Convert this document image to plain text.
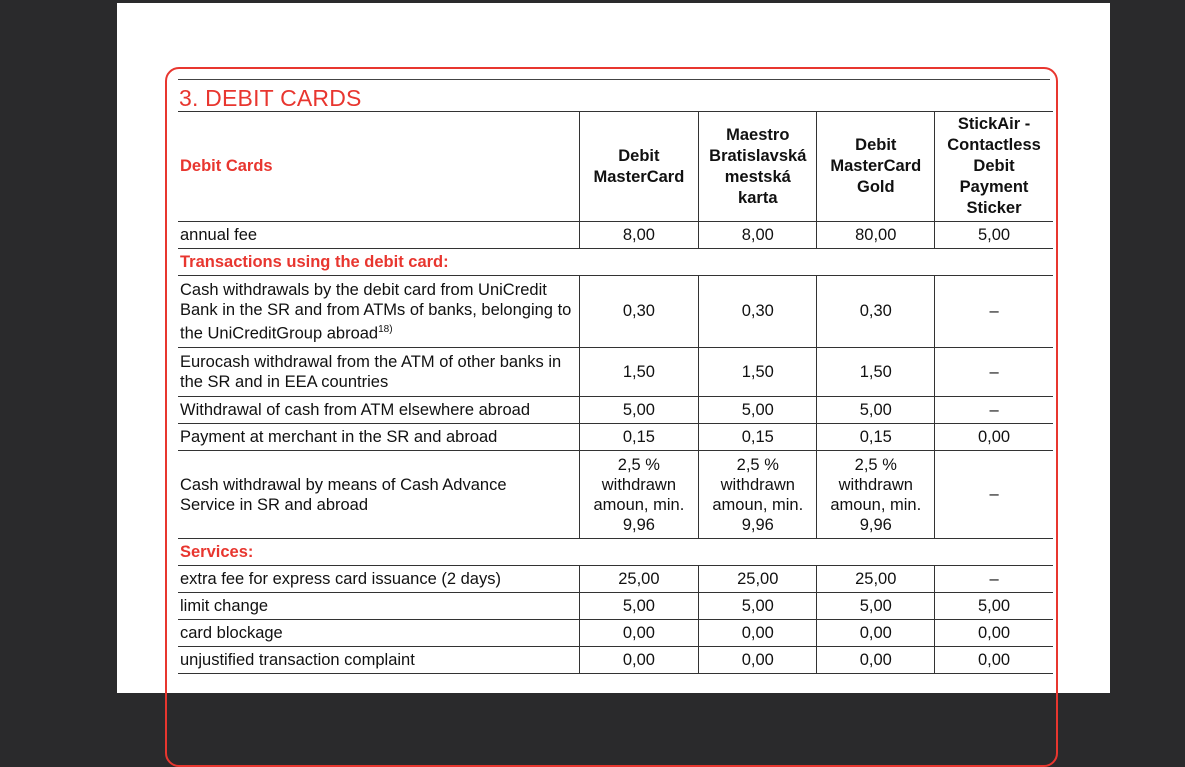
3. DEBIT CARDS
Debit Cards	Debit MasterCard	Maestro Bratislavská mestská karta	Debit MasterCard Gold	StickAir - Contactless Debit Payment Sticker
annual fee	8,00	8,00	80,00	5,00
Transactions using the debit card:				
Cash withdrawals by the debit card from UniCredit Bank in the SR and from ATMs of banks, belonging to the UniCreditGroup abroad$^{18)}$	0,30	0,30	0,30	–
Eurocash withdrawal from the ATM of other banks in the SR and in EEA countries	1,50	1,50	1,50	–
Withdrawal of cash from ATM elsewhere abroad	5,00	5,00	5,00	–
Payment at merchant in the SR and abroad	0,15	0,15	0,15	0,00
Cash withdrawal by means of Cash Advance Service in SR and abroad	2,5 % withdrawn amoun, min. 9,96	2,5 % withdrawn amoun, min. 9,96	2,5 % withdrawn amoun, min. 9,96	–
Services:				
extra fee for express card issuance (2 days)	25,00	25,00	25,00	–
limit change	5,00	5,00	5,00	5,00
card blockage	0,00	0,00	0,00	0,00
unjustified transaction complaint	0,00	0,00	0,00	0,00
